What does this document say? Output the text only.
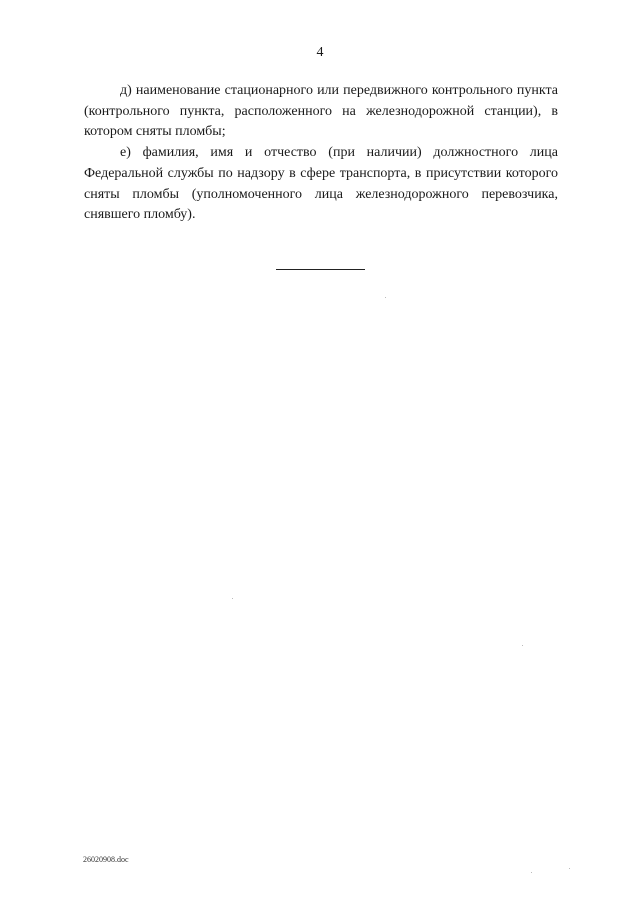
4

д) наименование стационарного или передвижного контрольного пункта (контрольного пункта, расположенного на железнодорожной станции), в котором сняты пломбы;

е) фамилия, имя и отчество (при наличии) должностного лица Федеральной службы по надзору в сфере транспорта, в присутствии которого сняты пломбы (уполномоченного лица железнодорожного перевозчика, снявшего пломбу).

26020908.doc
